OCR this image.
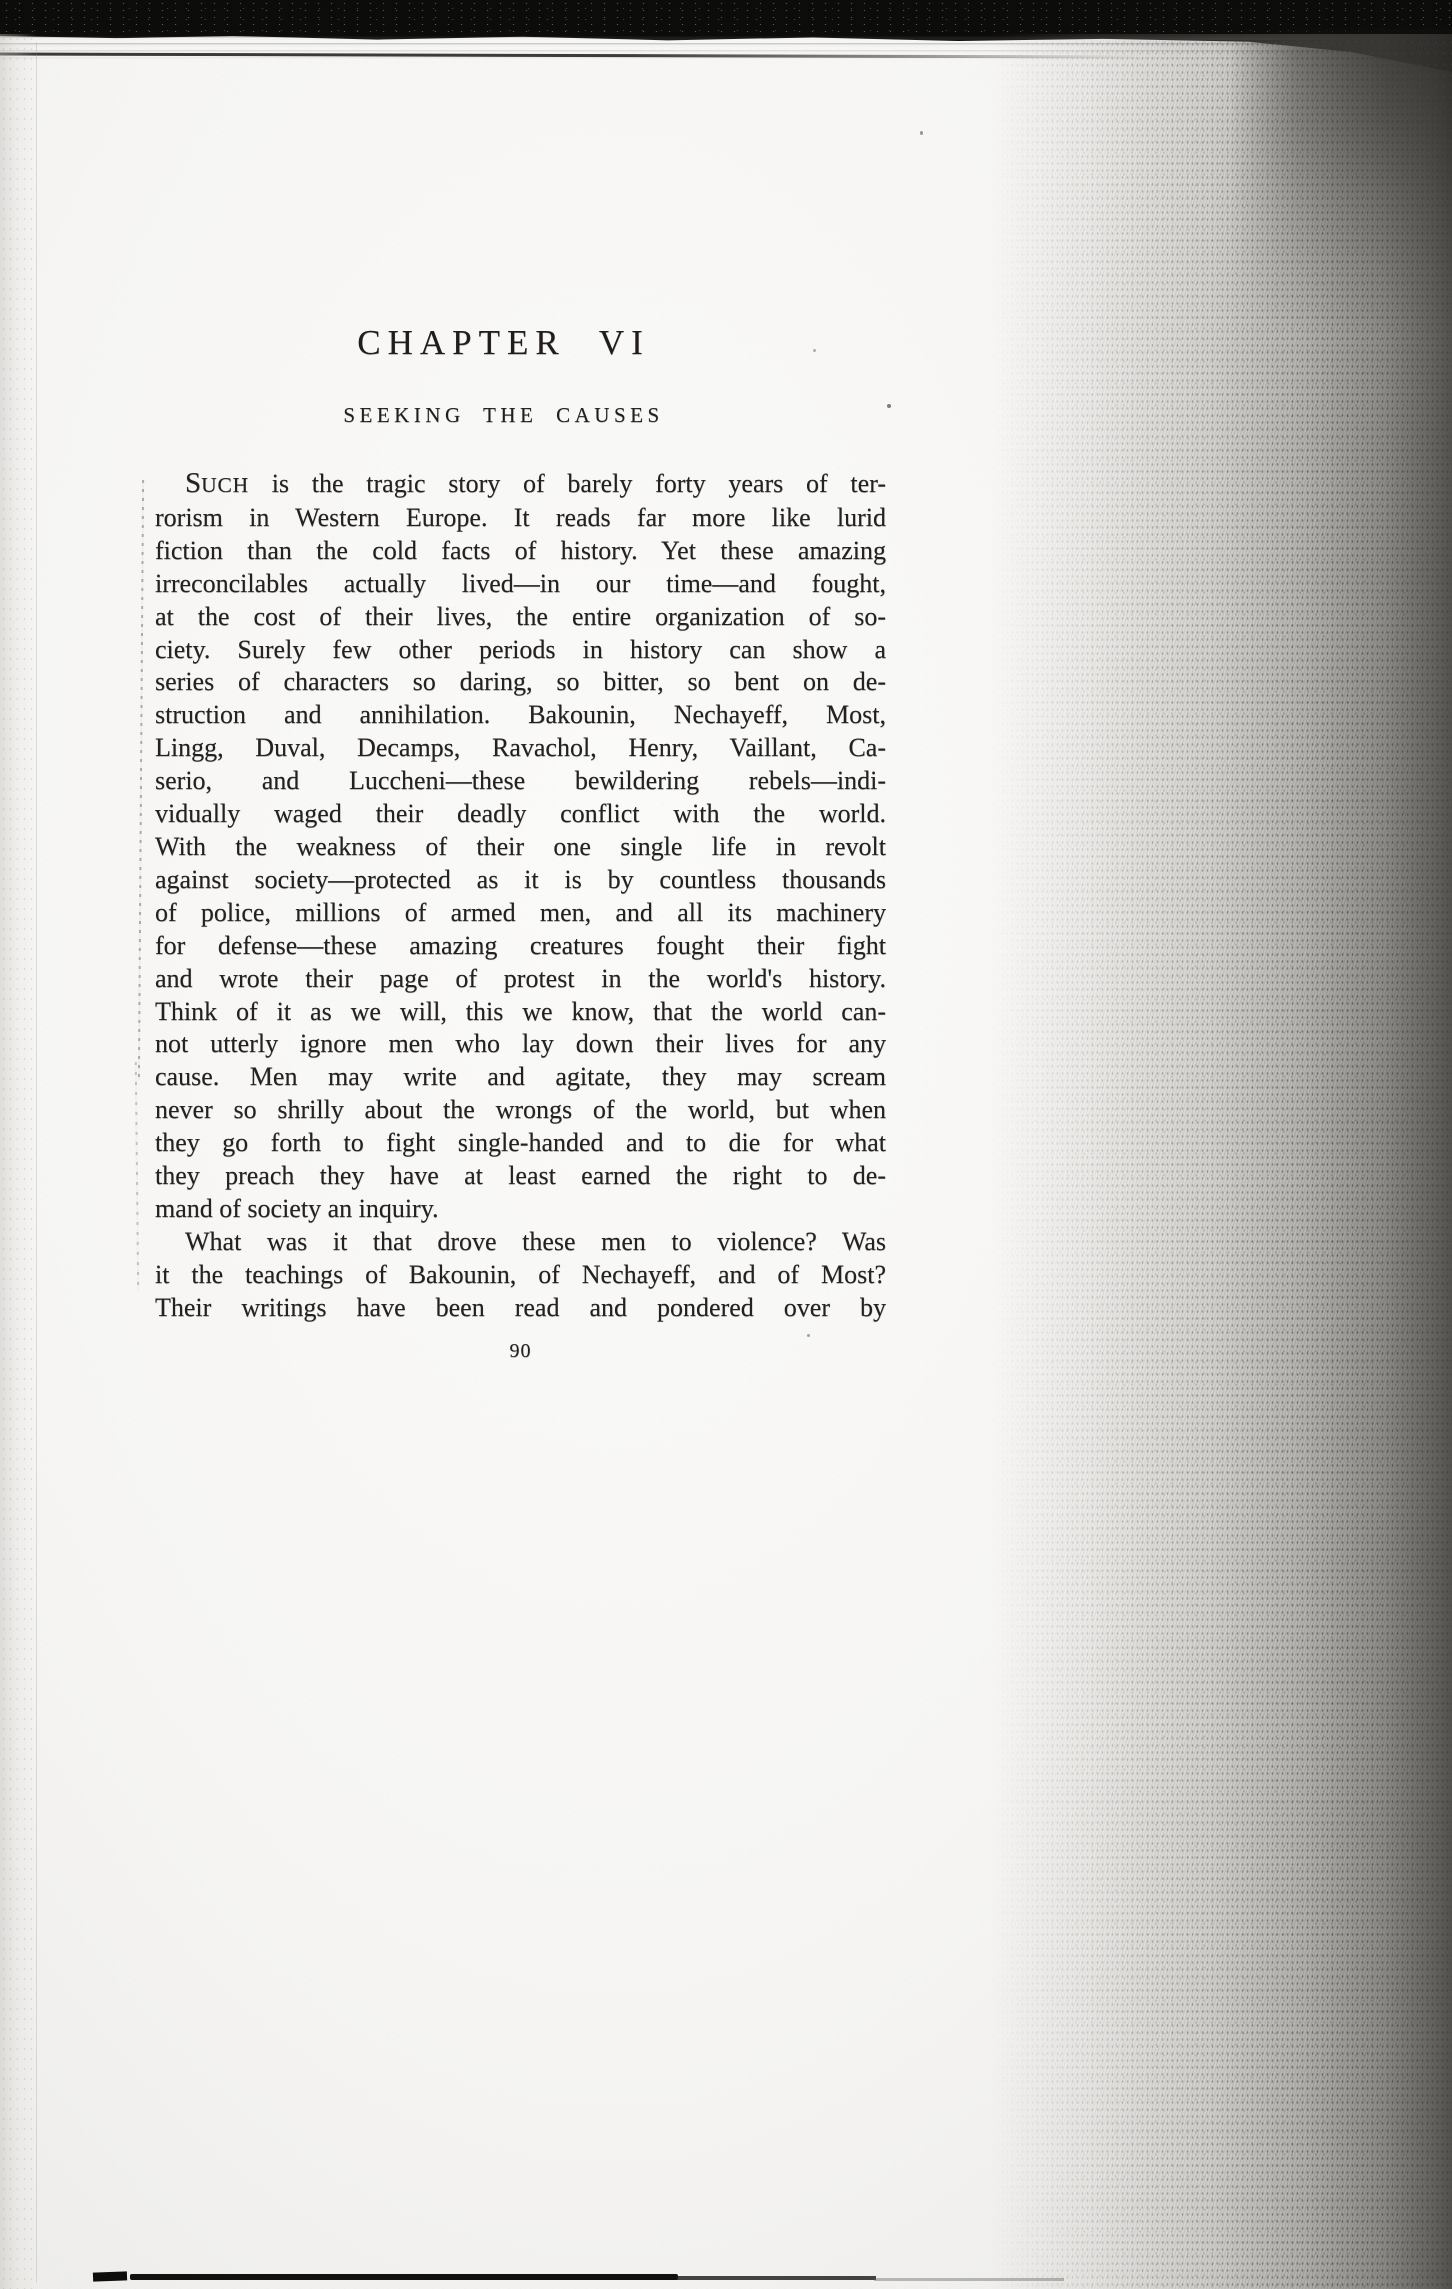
CHAPTER VI
SEEKING THE CAUSES
SUCH is the tragic story of barely forty years of ter-
rorism in Western Europe. It reads far more like lurid
fiction than the cold facts of history. Yet these amazing
irreconcilables actually lived—in our time—and fought,
at the cost of their lives, the entire organization of so-
ciety. Surely few other periods in history can show a
series of characters so daring, so bitter, so bent on de-
struction and annihilation. Bakounin, Nechayeff, Most,
Lingg, Duval, Decamps, Ravachol, Henry, Vaillant, Ca-
serio, and Luccheni—these bewildering rebels—indi-
vidually waged their deadly conflict with the world.
With the weakness of their one single life in revolt
against society—protected as it is by countless thousands
of police, millions of armed men, and all its machinery
for defense—these amazing creatures fought their fight
and wrote their page of protest in the world's history.
Think of it as we will, this we know, that the world can-
not utterly ignore men who lay down their lives for any
cause. Men may write and agitate, they may scream
never so shrilly about the wrongs of the world, but when
they go forth to fight single-handed and to die for what
they preach they have at least earned the right to de-
mand of society an inquiry.
What was it that drove these men to violence? Was
it the teachings of Bakounin, of Nechayeff, and of Most?
Their writings have been read and pondered over by
90
